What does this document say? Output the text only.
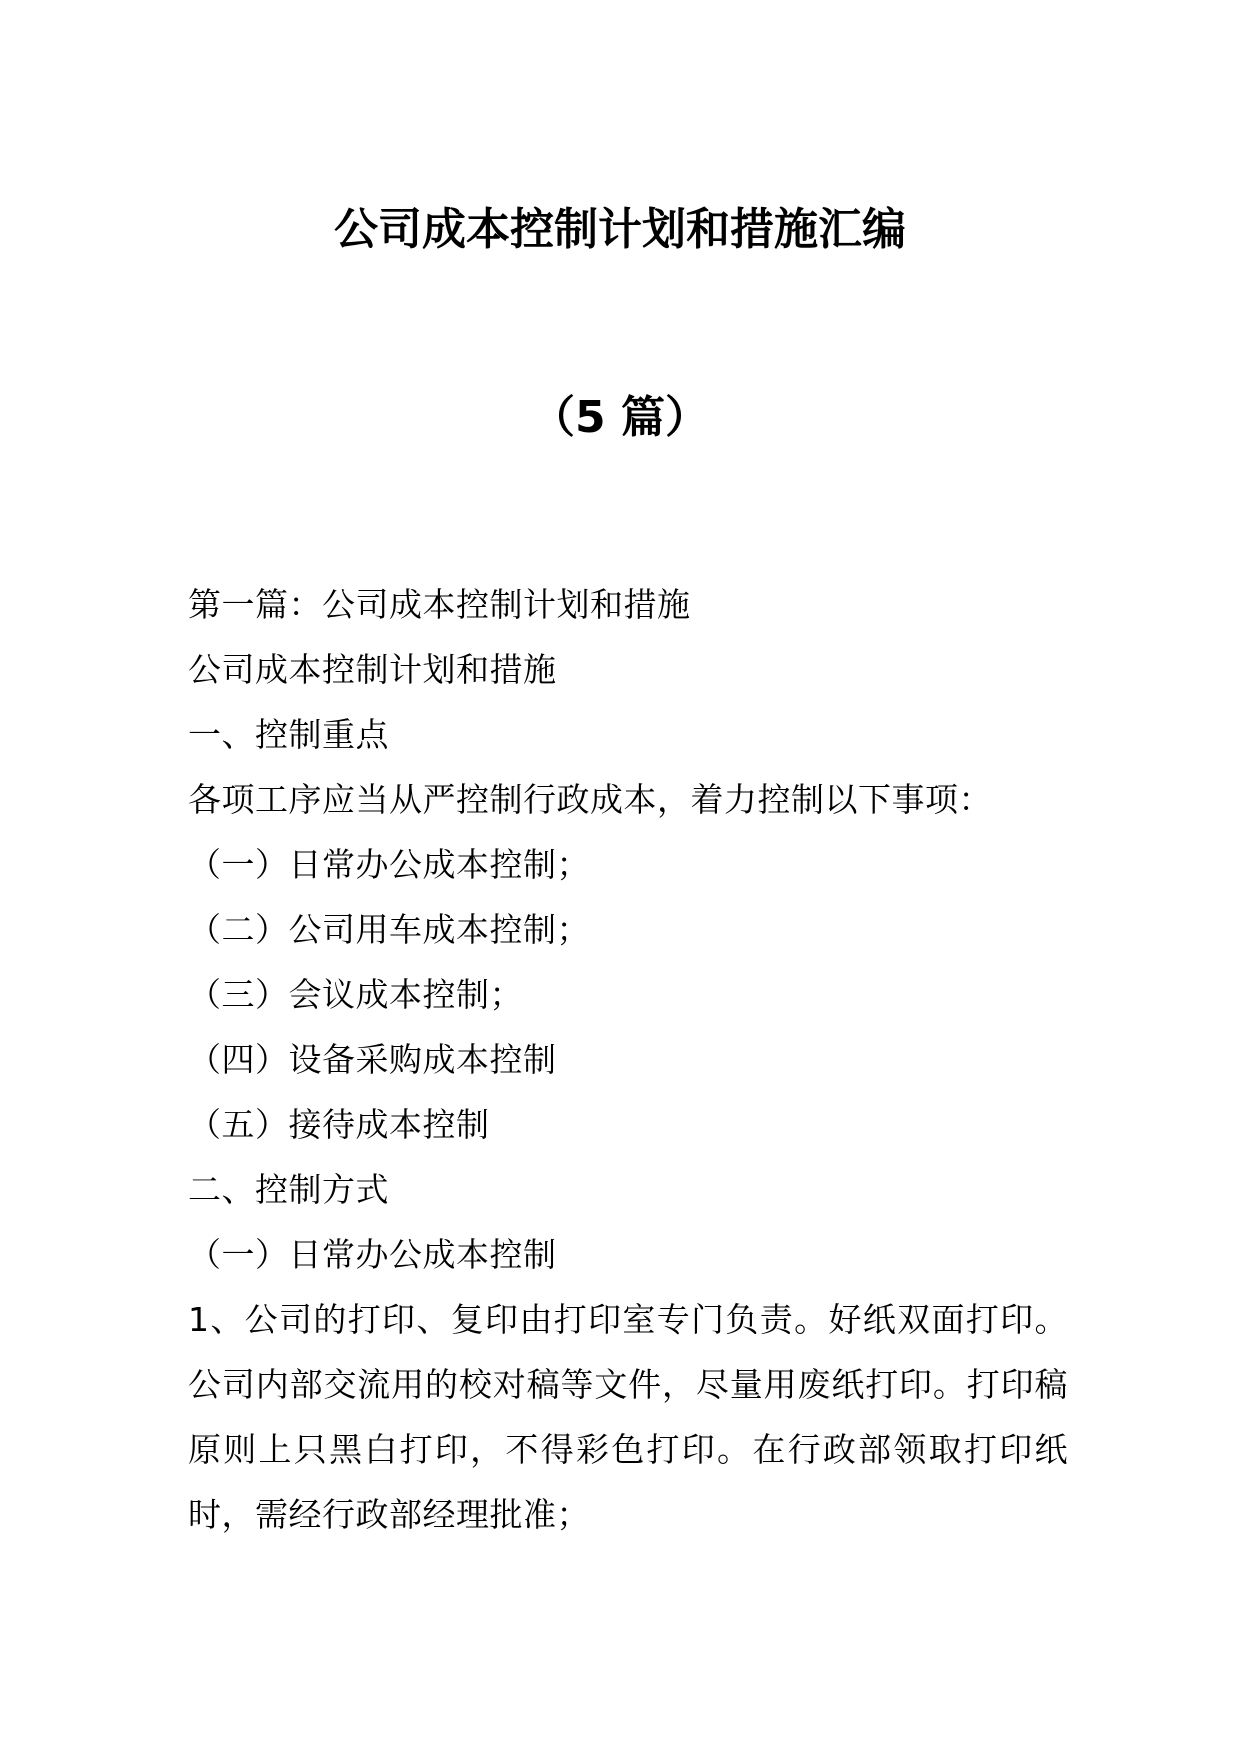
公司成本控制计划和措施汇编
（5 篇）
第一篇：公司成本控制计划和措施
公司成本控制计划和措施
一、控制重点
各项工序应当从严控制行政成本，着力控制以下事项：
（一）日常办公成本控制；
（二）公司用车成本控制；
（三）会议成本控制；
（四）设备采购成本控制
（五）接待成本控制
二、控制方式
（一）日常办公成本控制
1、公司的打印、复印由打印室专门负责。好纸双面打印。公司内部交流用的校对稿等文件，尽量用废纸打印。打印稿原则上只黑白打印，不得彩色打印。在行政部领取打印纸时，需经行政部经理批准；
